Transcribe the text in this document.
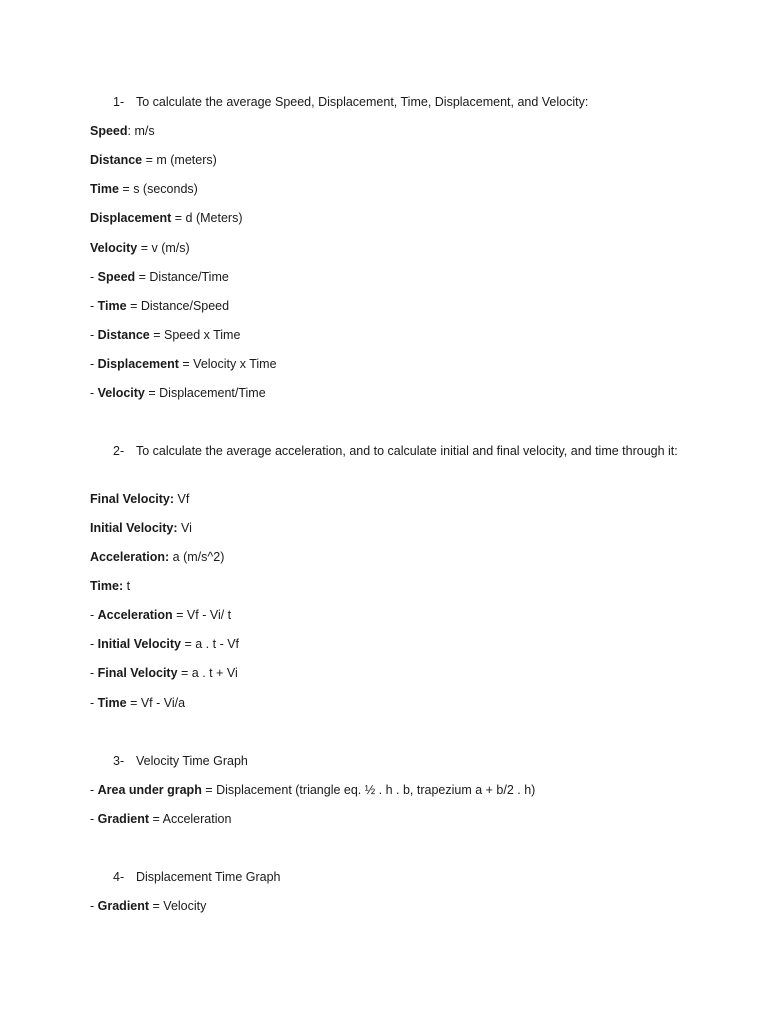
1- To calculate the average Speed, Displacement, Time, Displacement, and Velocity:
Speed: m/s
Distance = m (meters)
Time = s (seconds)
Displacement = d (Meters)
Velocity = v (m/s)
- Speed = Distance/Time
- Time = Distance/Speed
- Distance = Speed x Time
- Displacement = Velocity x Time
- Velocity = Displacement/Time
2- To calculate the average acceleration, and to calculate initial and final velocity, and time through it:
Final Velocity: Vf
Initial Velocity: Vi
Acceleration: a (m/s^2)
Time: t
- Acceleration = Vf - Vi/ t
- Initial Velocity = a . t - Vf
- Final Velocity = a . t + Vi
- Time = Vf - Vi/a
3- Velocity Time Graph
- Area under graph = Displacement (triangle eq. ½ . h . b, trapezium a + b/2 . h)
- Gradient = Acceleration
4- Displacement Time Graph
- Gradient = Velocity
